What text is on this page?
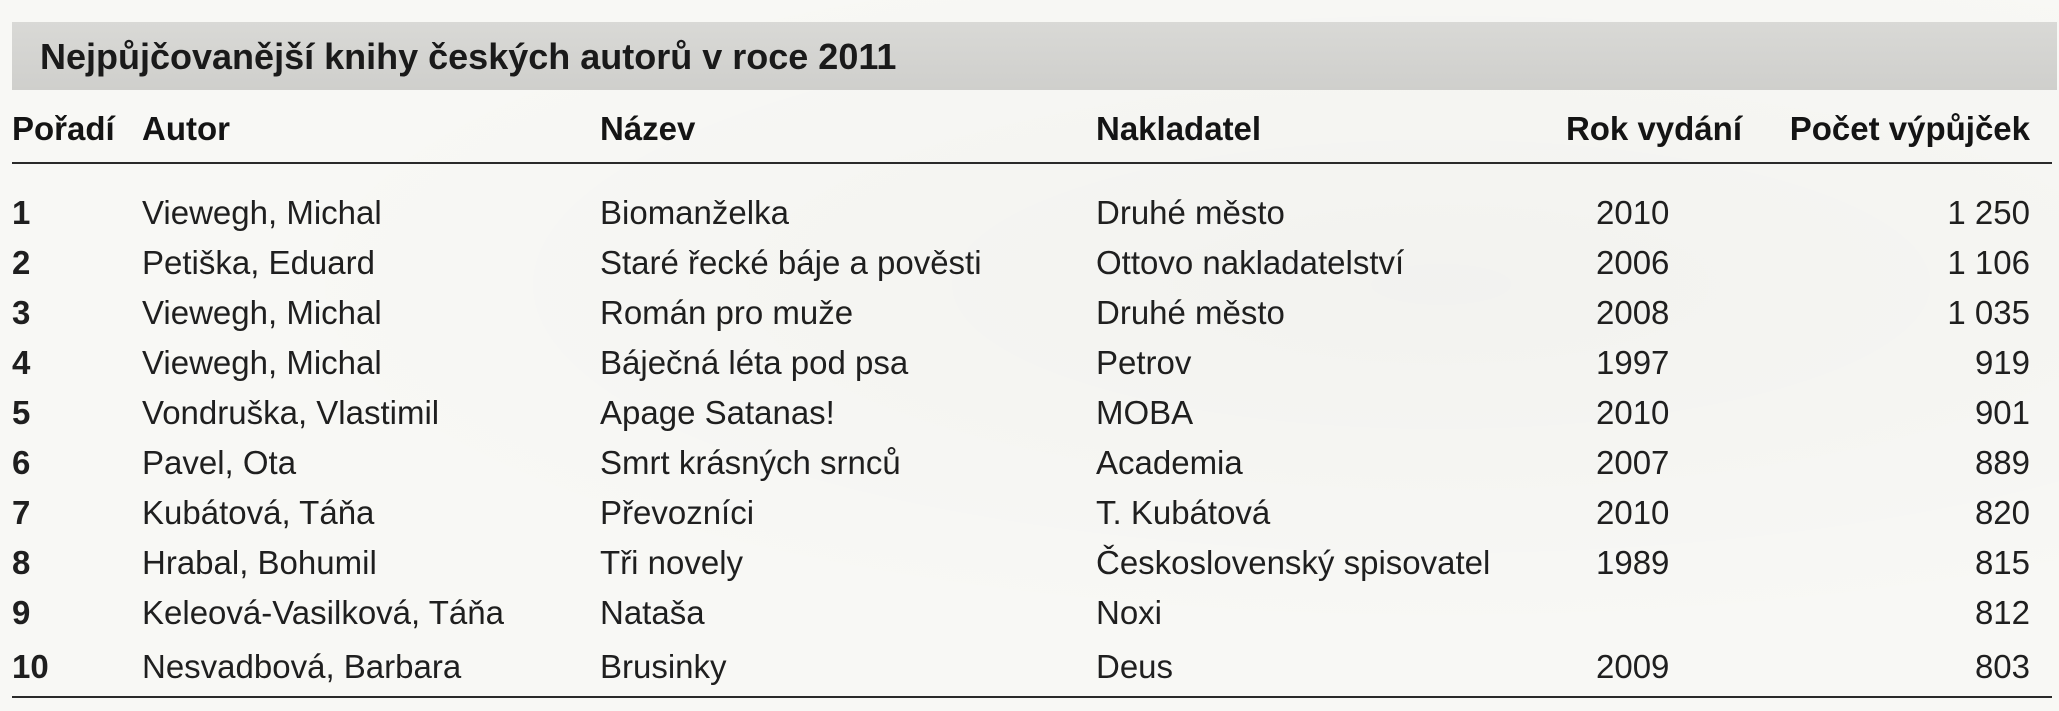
Nejpůjčovanější knihy českých autorů v roce 2011
Pořadí	Autor	Název	Nakladatel	Rok vydání	Počet výpůjček
1	Viewegh, Michal	Biomanželka	Druhé město	2010	1 250
2	Petiška, Eduard	Staré řecké báje a pověsti	Ottovo nakladatelství	2006	1 106
3	Viewegh, Michal	Román pro muže	Druhé město	2008	1 035
4	Viewegh, Michal	Báječná léta pod psa	Petrov	1997	919
5	Vondruška, Vlastimil	Apage Satanas!	MOBA	2010	901
6	Pavel, Ota	Smrt krásných srnců	Academia	2007	889
7	Kubátová, Táňa	Převozníci	T. Kubátová	2010	820
8	Hrabal, Bohumil	Tři novely	Československý spisovatel	1989	815
9	Keleová-Vasilková, Táňa	Nataša	Noxi		812
10	Nesvadbová, Barbara	Brusinky	Deus	2009	803
